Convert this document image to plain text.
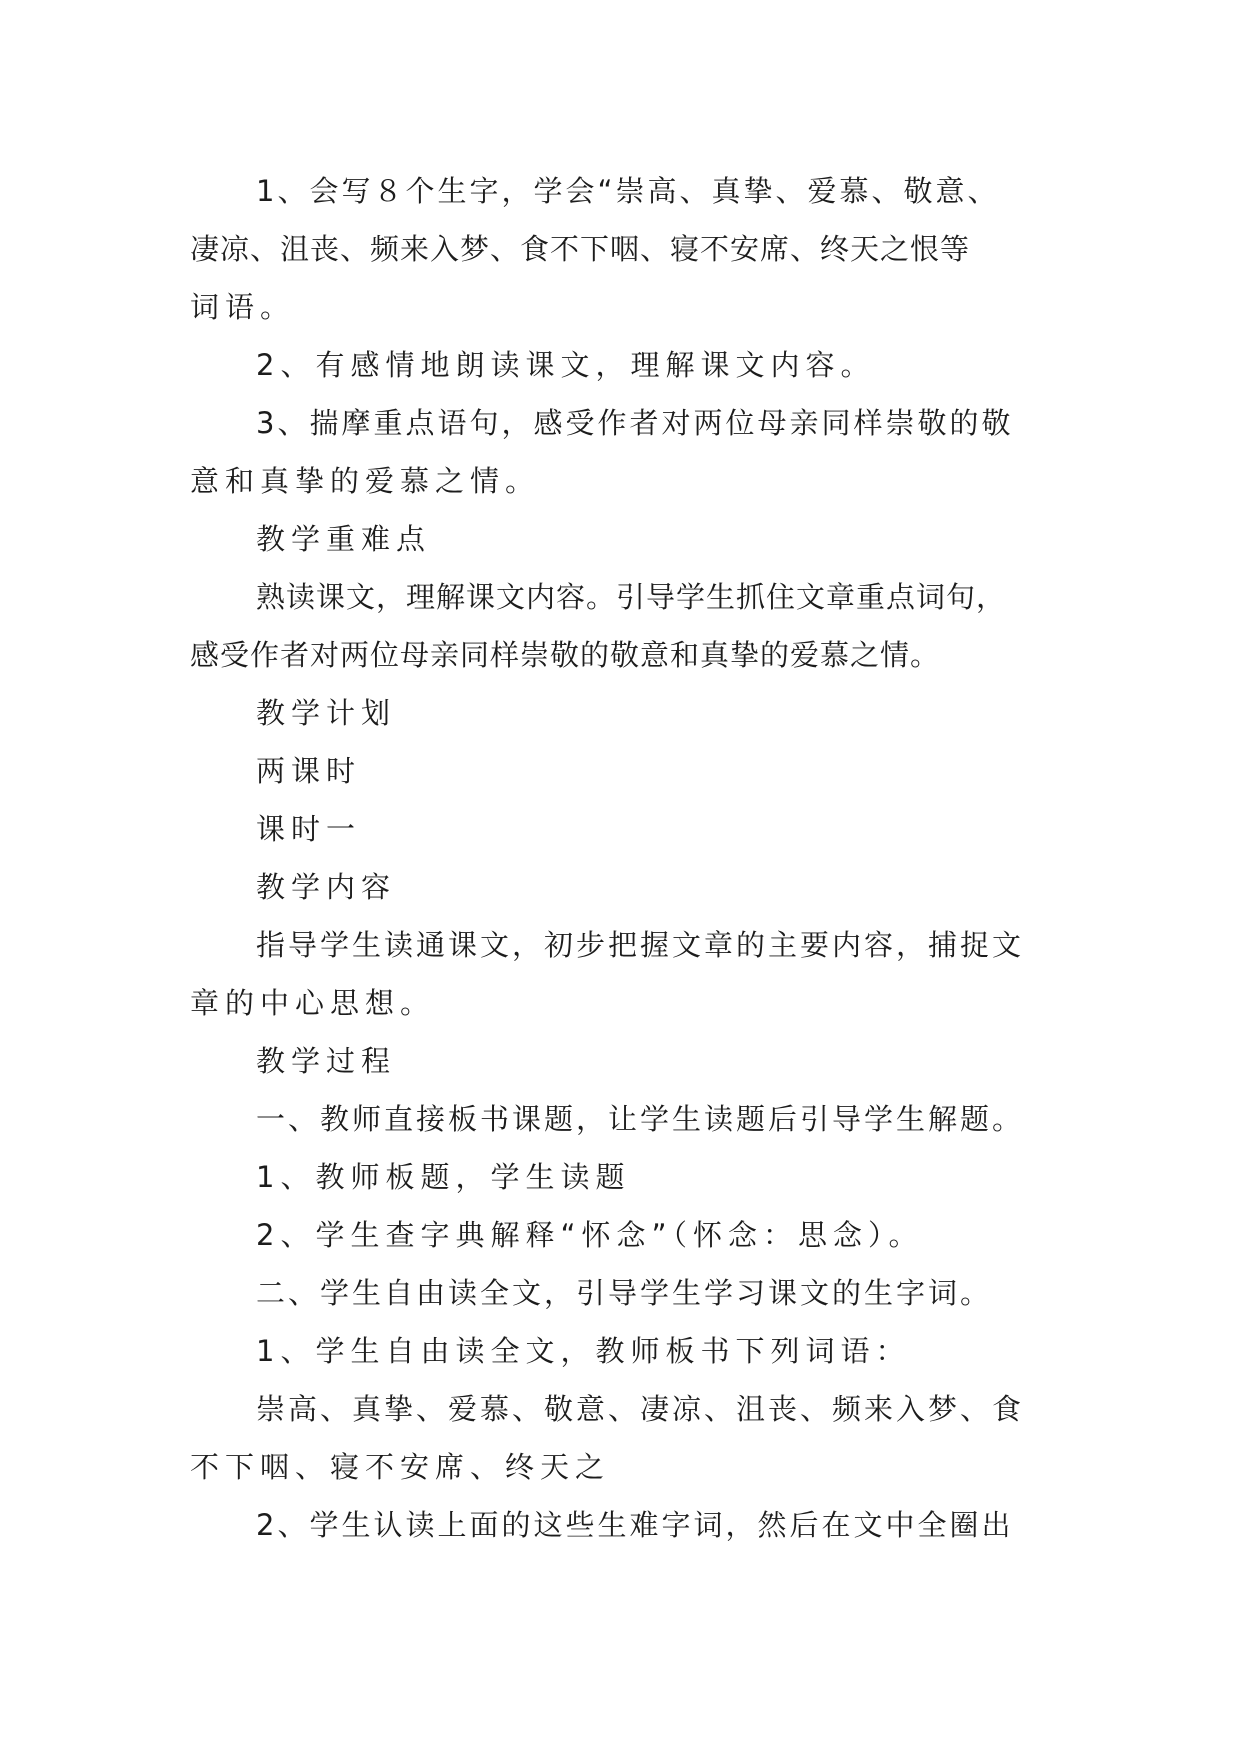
1、会写８个生字，学会“崇高、真挚、爱慕、敬意、
凄凉、沮丧、频来入梦、食不下咽、寝不安席、终天之恨等
词语。

2、有感情地朗读课文，理解课文内容。

3、揣摩重点语句，感受作者对两位母亲同样崇敬的敬
意和真挚的爱慕之情。

教学重难点

熟读课文，理解课文内容。引导学生抓住文章重点词句，
感受作者对两位母亲同样崇敬的敬意和真挚的爱慕之情。

教学计划

两课时

课时一

教学内容

指导学生读通课文，初步把握文章的主要内容，捕捉文
章的中心思想。

教学过程

一、教师直接板书课题，让学生读题后引导学生解题。

1、教师板题，学生读题

2、学生查字典解释“怀念”（怀念：思念）。

二、学生自由读全文，引导学生学习课文的生字词。

1、学生自由读全文，教师板书下列词语：

崇高、真挚、爱慕、敬意、凄凉、沮丧、频来入梦、食
不下咽、寝不安席、终天之

2、学生认读上面的这些生难字词，然后在文中全圈出
